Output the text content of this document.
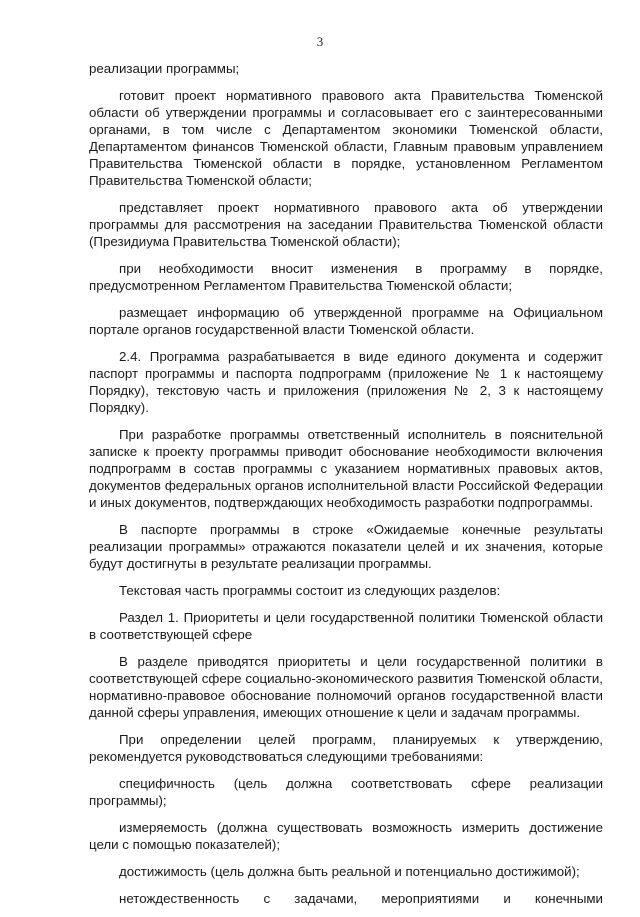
3

реализации программы;

готовит проект нормативного правового акта Правительства Тюменской области об утверждении программы и согласовывает его с заинтересованными органами, в том числе с Департаментом экономики Тюменской области, Департаментом финансов Тюменской области, Главным правовым управлением Правительства Тюменской области в порядке, установленном Регламентом Правительства Тюменской области;

представляет проект нормативного правового акта об утверждении программы для рассмотрения на заседании Правительства Тюменской области (Президиума Правительства Тюменской области);

при необходимости вносит изменения в программу в порядке, предусмотренном Регламентом Правительства Тюменской области;

размещает информацию об утвержденной программе на Официальном портале органов государственной власти Тюменской области.

2.4. Программа разрабатывается в виде единого документа и содержит паспорт программы и паспорта подпрограмм (приложение № 1 к настоящему Порядку), текстовую часть и приложения (приложения № 2, 3 к настоящему Порядку).

При разработке программы ответственный исполнитель в пояснительной записке к проекту программы приводит обоснование необходимости включения подпрограмм в состав программы с указанием нормативных правовых актов, документов федеральных органов исполнительной власти Российской Федерации и иных документов, подтверждающих необходимость разработки подпрограммы.

В паспорте программы в строке «Ожидаемые конечные результаты реализации программы» отражаются показатели целей и их значения, которые будут достигнуты в результате реализации программы.

Текстовая часть программы состоит из следующих разделов:

Раздел 1. Приоритеты и цели государственной политики Тюменской области в соответствующей сфере

В разделе приводятся приоритеты и цели государственной политики в соответствующей сфере социально-экономического развития Тюменской области, нормативно-правовое обоснование полномочий органов государственной власти данной сферы управления, имеющих отношение к цели и задачам программы.

При определении целей программ, планируемых к утверждению, рекомендуется руководствоваться следующими требованиями:

специфичность (цель должна соответствовать сфере реализации программы);

измеряемость (должна существовать возможность измерить достижение цели с помощью показателей);

достижимость (цель должна быть реальной и потенциально достижимой);

нетождественность с задачами, мероприятиями и конечными
